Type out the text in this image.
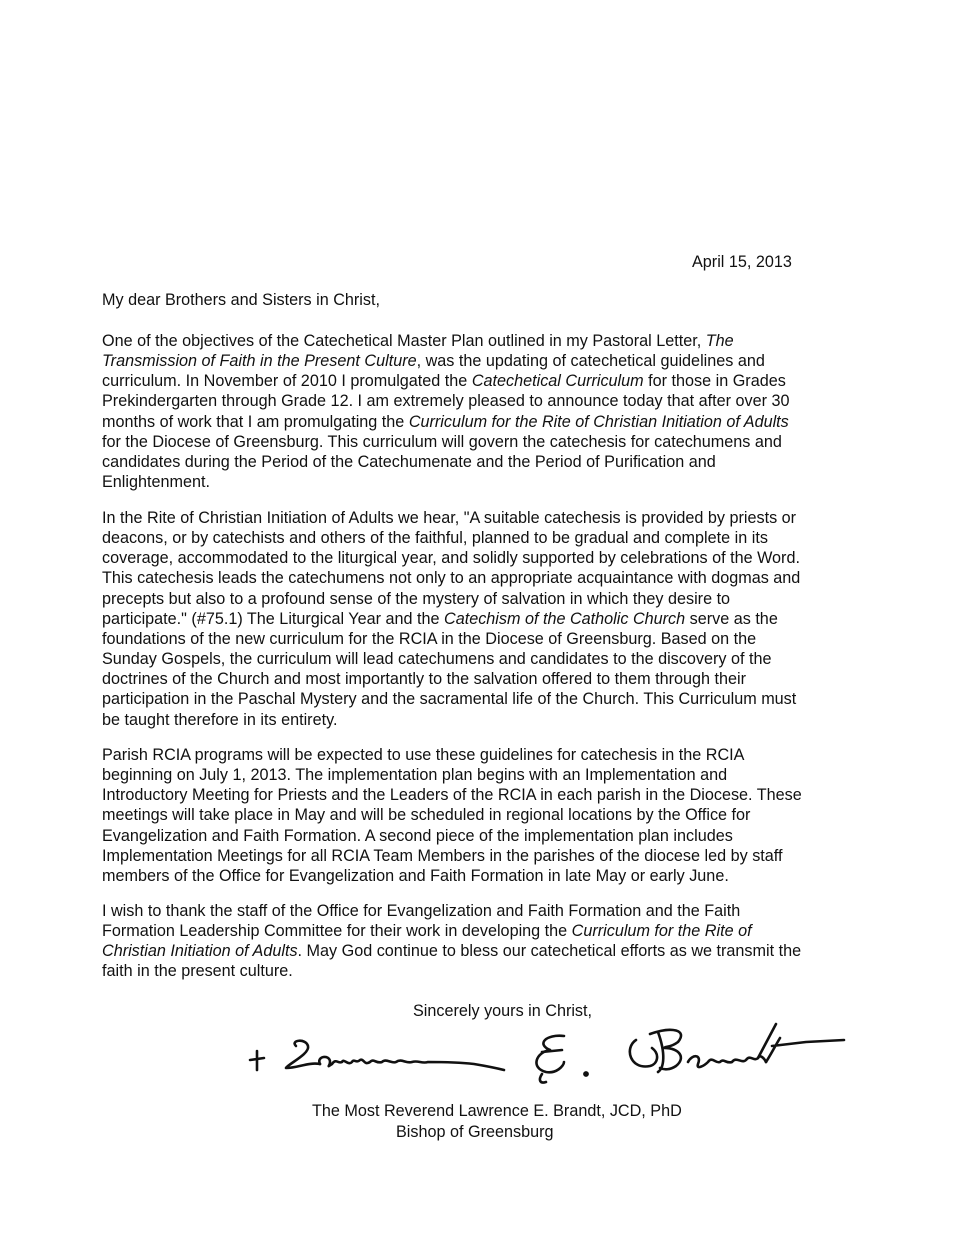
April 15, 2013
My dear Brothers and Sisters in Christ,
One of the objectives of the Catechetical Master Plan outlined in my Pastoral Letter, The
Transmission of Faith in the Present Culture, was the updating of catechetical guidelines and
curriculum. In November of 2010 I promulgated the Catechetical Curriculum for those in Grades
Prekindergarten through Grade 12. I am extremely pleased to announce today that after over 30
months of work that I am promulgating the Curriculum for the Rite of Christian Initiation of Adults
for the Diocese of Greensburg. This curriculum will govern the catechesis for catechumens and
candidates during the Period of the Catechumenate and the Period of Purification and
Enlightenment.
In the Rite of Christian Initiation of Adults we hear, "A suitable catechesis is provided by priests or
deacons, or by catechists and others of the faithful, planned to be gradual and complete in its
coverage, accommodated to the liturgical year, and solidly supported by celebrations of the Word.
This catechesis leads the catechumens not only to an appropriate acquaintance with dogmas and
precepts but also to a profound sense of the mystery of salvation in which they desire to
participate." (#75.1) The Liturgical Year and the Catechism of the Catholic Church serve as the
foundations of the new curriculum for the RCIA in the Diocese of Greensburg. Based on the
Sunday Gospels, the curriculum will lead catechumens and candidates to the discovery of the
doctrines of the Church and most importantly to the salvation offered to them through their
participation in the Paschal Mystery and the sacramental life of the Church. This Curriculum must
be taught therefore in its entirety.
Parish RCIA programs will be expected to use these guidelines for catechesis in the RCIA
beginning on July 1, 2013. The implementation plan begins with an Implementation and
Introductory Meeting for Priests and the Leaders of the RCIA in each parish in the Diocese. These
meetings will take place in May and will be scheduled in regional locations by the Office for
Evangelization and Faith Formation. A second piece of the implementation plan includes
Implementation Meetings for all RCIA Team Members in the parishes of the diocese led by staff
members of the Office for Evangelization and Faith Formation in late May or early June.
I wish to thank the staff of the Office for Evangelization and Faith Formation and the Faith
Formation Leadership Committee for their work in developing the Curriculum for the Rite of
Christian Initiation of Adults. May God continue to bless our catechetical efforts as we transmit the
faith in the present culture.
Sincerely yours in Christ,
The Most Reverend Lawrence E. Brandt, JCD, PhD
Bishop of Greensburg
